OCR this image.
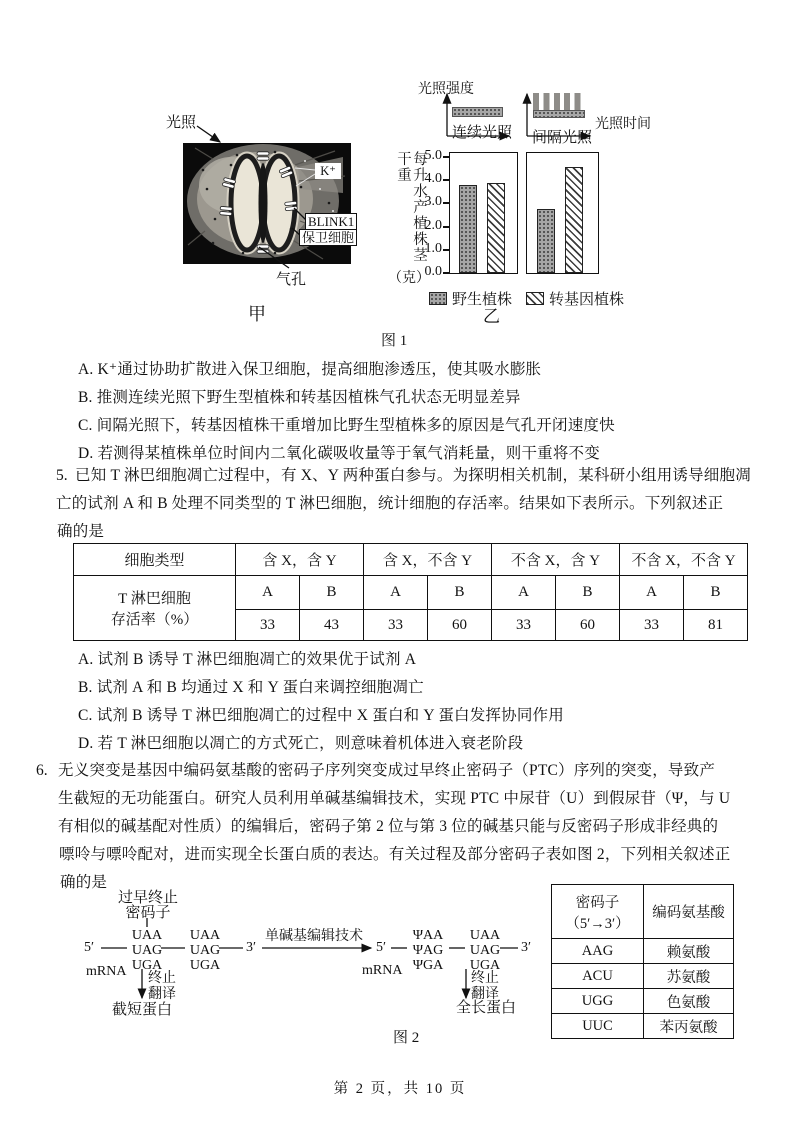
光照
K⁺
BLINK1
保卫细胞
气孔
甲
光照强度
光照时间
连续光照 间隔光照
每升水产植株茎干重
（克）
5.0
4.0
3.0
2.0
1.0
0.0
野生植株 转基因植株
乙
图 1
A. K⁺通过协助扩散进入保卫细胞，提高细胞渗透压，使其吸水膨胀
B. 推测连续光照下野生型植株和转基因植株气孔状态无明显差异
C. 间隔光照下，转基因植株干重增加比野生型植株多的原因是气孔开闭速度快
D. 若测得某植株单位时间内二氧化碳吸收量等于氧气消耗量，则干重将不变
5. 已知 T 淋巴细胞凋亡过程中，有 X、Y 两种蛋白参与。为探明相关机制，某科研小组用诱导细胞凋
亡的试剂 A 和 B 处理不同类型的 T 淋巴细胞，统计细胞的存活率。结果如下表所示。下列叙述正
确的是
细胞类型	含 X，含 Y		含 X，不含 Y		不含 X，含 Y		不含 X，不含 Y	

T 淋巴细胞
存活率（%）	A	B	A	B	A	B	A	B
	33	43	33	60	33	60	33	81
A. 试剂 B 诱导 T 淋巴细胞凋亡的效果优于试剂 A
B. 试剂 A 和 B 均通过 X 和 Y 蛋白来调控细胞凋亡
C. 试剂 B 诱导 T 淋巴细胞凋亡的过程中 X 蛋白和 Y 蛋白发挥协同作用
D. 若 T 淋巴细胞以凋亡的方式死亡，则意味着机体进入衰老阶段
6. 无义突变是基因中编码氨基酸的密码子序列突变成过早终止密码子（PTC）序列的突变，导致产
生截短的无功能蛋白。研究人员利用单碱基编辑技术，实现 PTC 中尿苷（U）到假尿苷（Ψ，与 U
有相似的碱基配对性质）的编辑后，密码子第 2 位与第 3 位的碱基只能与反密码子形成非经典的
嘌呤与嘌呤配对，进而实现全长蛋白质的表达。有关过程及部分密码子表如图 2，下列相关叙述正
确的是
过早终止
密码子
5′
UAA
UAG
UGA
UAA
UAG
UGA
3′
mRNA
单碱基编辑技术
5′
ΨAA
ΨAG
ΨGA
UAA
UAG
UGA
3′
mRNA
终止
翻译
截短蛋白
终止
翻译
全长蛋白
图 2
密码子
（5′→3′）	编码氨基酸
AAG	赖氨酸
ACU	苏氨酸
UGG	色氨酸
UUC	苯丙氨酸
第 2 页，共 10 页
